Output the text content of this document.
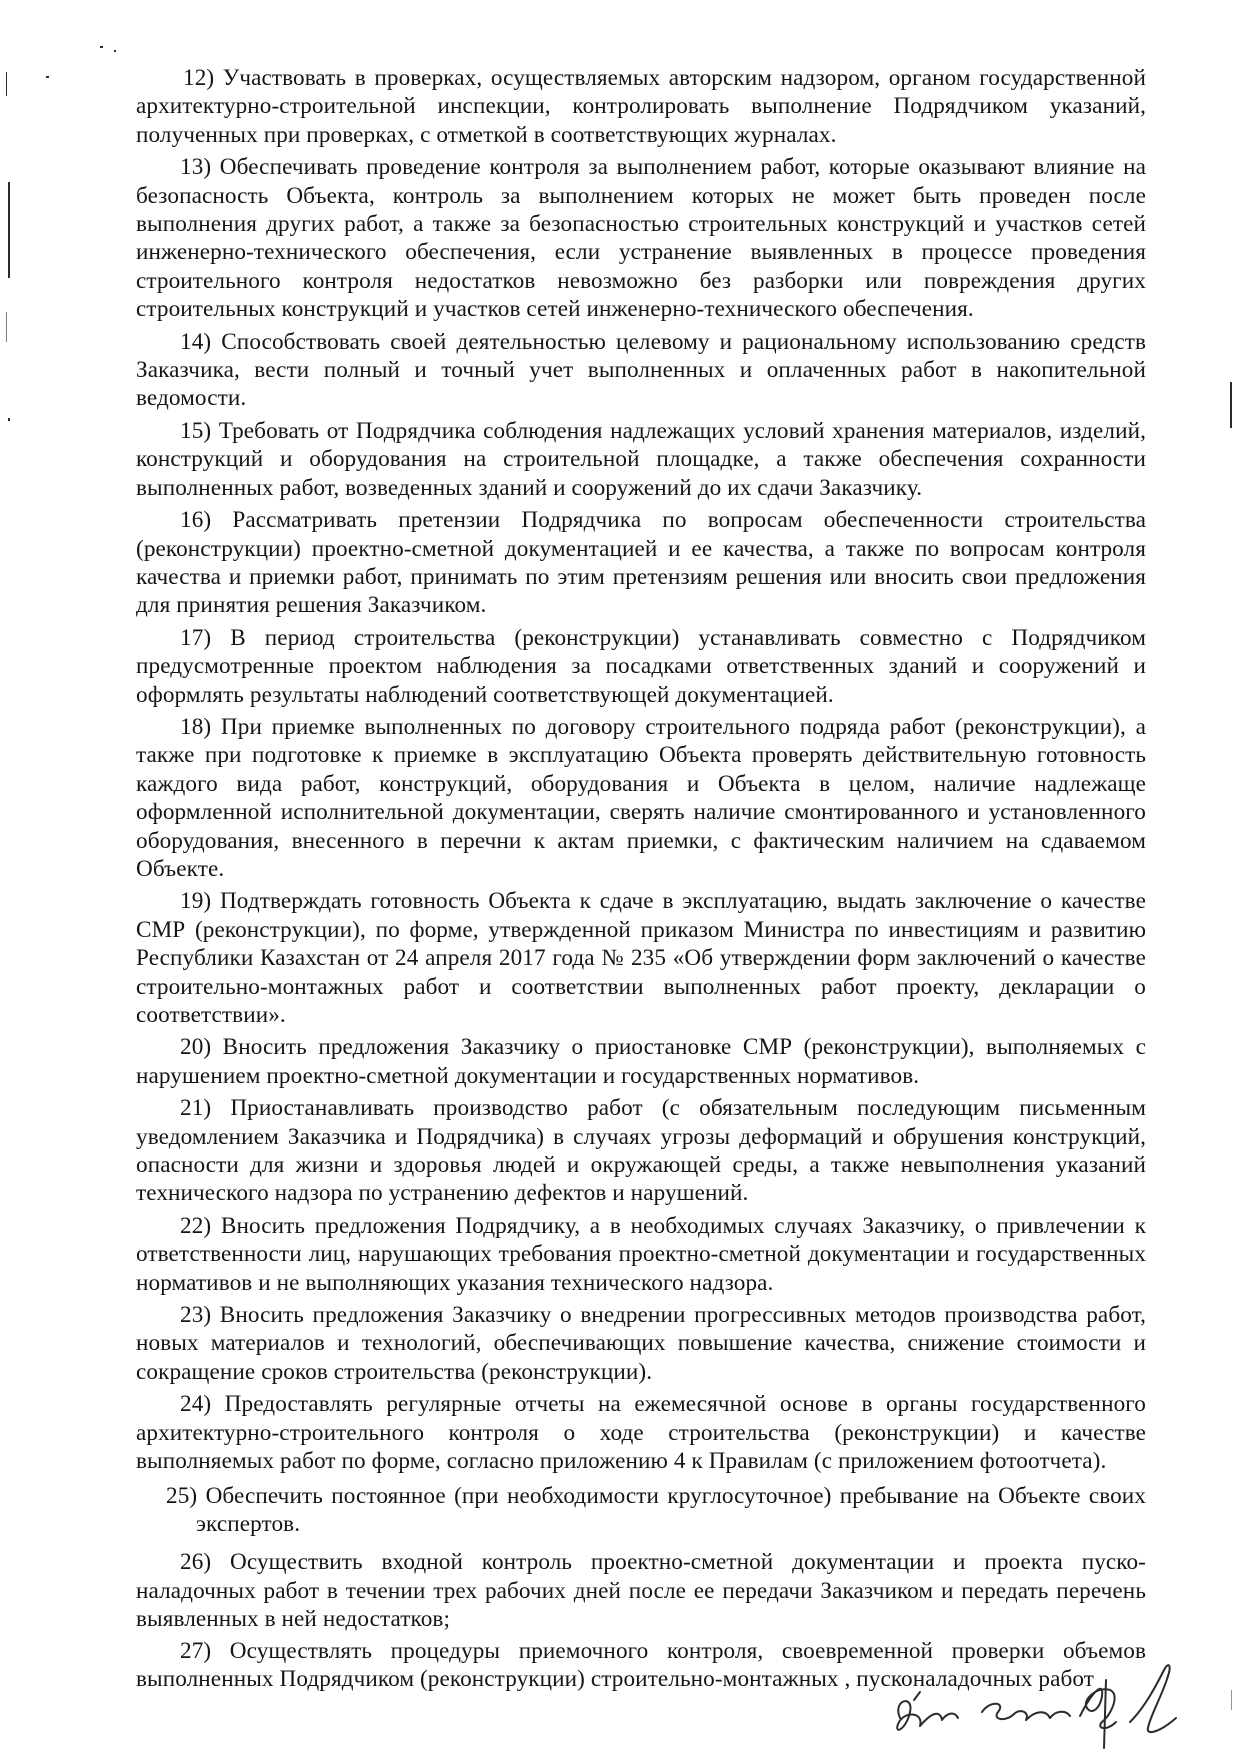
12) Участвовать в проверках, осуществляемых авторским надзором, органом государственной архитектурно-строительной инспекции, контролировать выполнение Подрядчиком указаний, полученных при проверках, с отметкой в соответствующих журналах.

13) Обеспечивать проведение контроля за выполнением работ, которые оказывают влияние на безопасность Объекта, контроль за выполнением которых не может быть проведен после выполнения других работ, а также за безопасностью строительных конструкций и участков сетей инженерно-технического обеспечения, если устранение выявленных в процессе проведения строительного контроля недостатков невозможно без разборки или повреждения других строительных конструкций и участков сетей инженерно-технического обеспечения.

14) Способствовать своей деятельностью целевому и рациональному использованию средств Заказчика, вести полный и точный учет выполненных и оплаченных работ в накопительной ведомости.

15) Требовать от Подрядчика соблюдения надлежащих условий хранения материалов, изделий, конструкций и оборудования на строительной площадке, а также обеспечения сохранности выполненных работ, возведенных зданий и сооружений до их сдачи Заказчику.

16) Рассматривать претензии Подрядчика по вопросам обеспеченности строительства (реконструкции) проектно-сметной документацией и ее качества, а также по вопросам контроля качества и приемки работ, принимать по этим претензиям решения или вносить свои предложения для принятия решения Заказчиком.

17) В период строительства (реконструкции) устанавливать совместно с Подрядчиком предусмотренные проектом наблюдения за посадками ответственных зданий и сооружений и оформлять результаты наблюдений соответствующей документацией.

18) При приемке выполненных по договору строительного подряда работ (реконструкции), а также при подготовке к приемке в эксплуатацию Объекта проверять действительную готовность каждого вида работ, конструкций, оборудования и Объекта в целом, наличие надлежаще оформленной исполнительной документации, сверять наличие смонтированного и установленного оборудования, внесенного в перечни к актам приемки, с фактическим наличием на сдаваемом Объекте.

19) Подтверждать готовность Объекта к сдаче в эксплуатацию, выдать заключение о качестве СМР (реконструкции), по форме, утвержденной приказом Министра по инвестициям и развитию Республики Казахстан от 24 апреля 2017 года № 235 «Об утверждении форм заключений о качестве строительно-монтажных работ и соответствии выполненных работ проекту, декларации о соответствии».

20) Вносить предложения Заказчику о приостановке СМР (реконструкции), выполняемых с нарушением проектно-сметной документации и государственных нормативов.

21) Приостанавливать производство работ (с обязательным последующим письменным уведомлением Заказчика и Подрядчика) в случаях угрозы деформаций и обрушения конструкций, опасности для жизни и здоровья людей и окружающей среды, а также невыполнения указаний технического надзора по устранению дефектов и нарушений.

22) Вносить предложения Подрядчику, а в необходимых случаях Заказчику, о привлечении к ответственности лиц, нарушающих требования проектно-сметной документации и государственных нормативов и не выполняющих указания технического надзора.

23) Вносить предложения Заказчику о внедрении прогрессивных методов производства работ, новых материалов и технологий, обеспечивающих повышение качества, снижение стоимости и сокращение сроков строительства (реконструкции).

24) Предоставлять регулярные отчеты на ежемесячной основе в органы государственного архитектурно-строительного контроля о ходе строительства (реконструкции) и качестве выполняемых работ по форме, согласно приложению 4 к Правилам (с приложением фотоотчета).

25) Обеспечить постоянное (при необходимости круглосуточное) пребывание на Объекте своих экспертов.

26) Осуществить входной контроль проектно-сметной документации и проекта пуско-наладочных работ в течении трех рабочих дней после ее передачи Заказчиком и передать перечень выявленных в ней недостатков;

27) Осуществлять процедуры приемочного контроля, своевременной проверки объемов выполненных Подрядчиком (реконструкции) строительно-монтажных , пусконаладочных работ
